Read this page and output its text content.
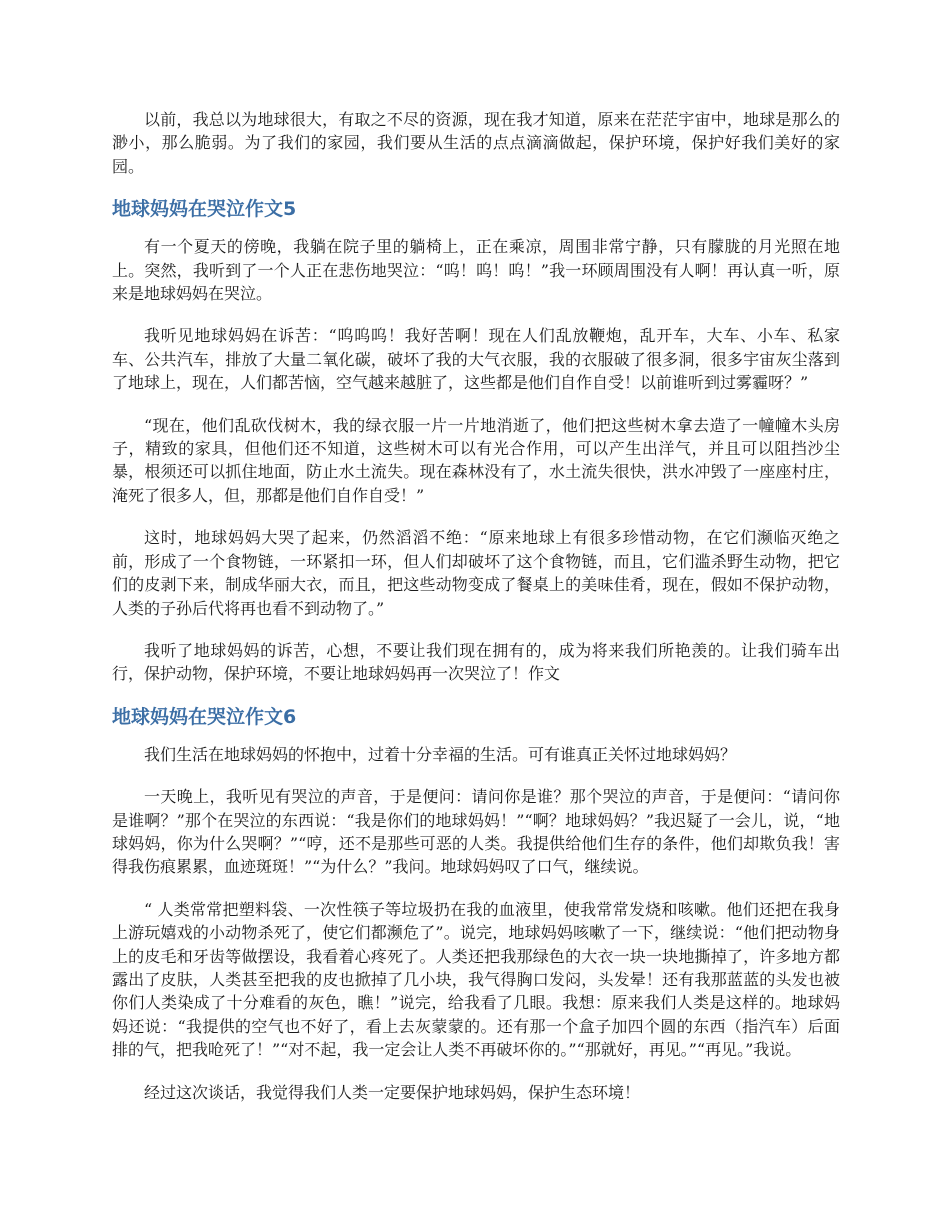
以前，我总以为地球很大，有取之不尽的资源，现在我才知道，原来在茫茫宇宙中，地球是那么的渺小，那么脆弱。为了我们的家园，我们要从生活的点点滴滴做起，保护环境，保护好我们美好的家园。

地球妈妈在哭泣作文5

有一个夏天的傍晚，我躺在院子里的躺椅上，正在乘凉，周围非常宁静，只有朦胧的月光照在地上。突然，我听到了一个人正在悲伤地哭泣：“呜！呜！呜！”我一环顾周围没有人啊！再认真一听，原来是地球妈妈在哭泣。

我听见地球妈妈在诉苦：“呜呜呜！我好苦啊！现在人们乱放鞭炮，乱开车，大车、小车、私家车、公共汽车，排放了大量二氧化碳，破坏了我的大气衣服，我的衣服破了很多洞，很多宇宙灰尘落到了地球上，现在，人们都苦恼，空气越来越脏了，这些都是他们自作自受！以前谁听到过雾霾呀？”

“现在，他们乱砍伐树木，我的绿衣服一片一片地消逝了，他们把这些树木拿去造了一幢幢木头房子，精致的家具，但他们还不知道，这些树木可以有光合作用，可以产生出洋气，并且可以阻挡沙尘暴，根须还可以抓住地面，防止水土流失。现在森林没有了，水土流失很快，洪水冲毁了一座座村庄，淹死了很多人，但，那都是他们自作自受！”

这时，地球妈妈大哭了起来，仍然滔滔不绝：“原来地球上有很多珍惜动物，在它们濒临灭绝之前，形成了一个食物链，一环紧扣一环，但人们却破坏了这个食物链，而且，它们滥杀野生动物，把它们的皮剥下来，制成华丽大衣，而且，把这些动物变成了餐桌上的美味佳肴，现在，假如不保护动物，人类的子孙后代将再也看不到动物了。”

我听了地球妈妈的诉苦，心想，不要让我们现在拥有的，成为将来我们所艳羡的。让我们骑车出行，保护动物，保护环境，不要让地球妈妈再一次哭泣了！作文

地球妈妈在哭泣作文6

我们生活在地球妈妈的怀抱中，过着十分幸福的生活。可有谁真正关怀过地球妈妈？

一天晚上，我听见有哭泣的声音，于是便问：请问你是谁？那个哭泣的声音，于是便问：“请问你是谁啊？”那个在哭泣的东西说：“我是你们的地球妈妈！”“啊？地球妈妈？”我迟疑了一会儿，说，“地球妈妈，你为什么哭啊？”“哼，还不是那些可恶的人类。我提供给他们生存的条件，他们却欺负我！害得我伤痕累累，血迹斑斑！”“为什么？”我问。地球妈妈叹了口气，继续说。

“ 人类常常把塑料袋、一次性筷子等垃圾扔在我的血液里，使我常常发烧和咳嗽。他们还把在我身上游玩嬉戏的小动物杀死了，使它们都濒危了”。说完，地球妈妈咳嗽了一下，继续说：“他们把动物身上的皮毛和牙齿等做摆设，我看着心疼死了。人类还把我那绿色的大衣一块一块地撕掉了，许多地方都露出了皮肤，人类甚至把我的皮也掀掉了几小块，我气得胸口发闷，头发晕！还有我那蓝蓝的头发也被你们人类染成了十分难看的灰色，瞧！”说完，给我看了几眼。我想：原来我们人类是这样的。地球妈妈还说：“我提供的空气也不好了，看上去灰蒙蒙的。还有那一个盒子加四个圆的东西（指汽车）后面排的气，把我呛死了！”“对不起，我一定会让人类不再破坏你的。”“那就好，再见。”“再见。”我说。

经过这次谈话，我觉得我们人类一定要保护地球妈妈，保护生态环境！
